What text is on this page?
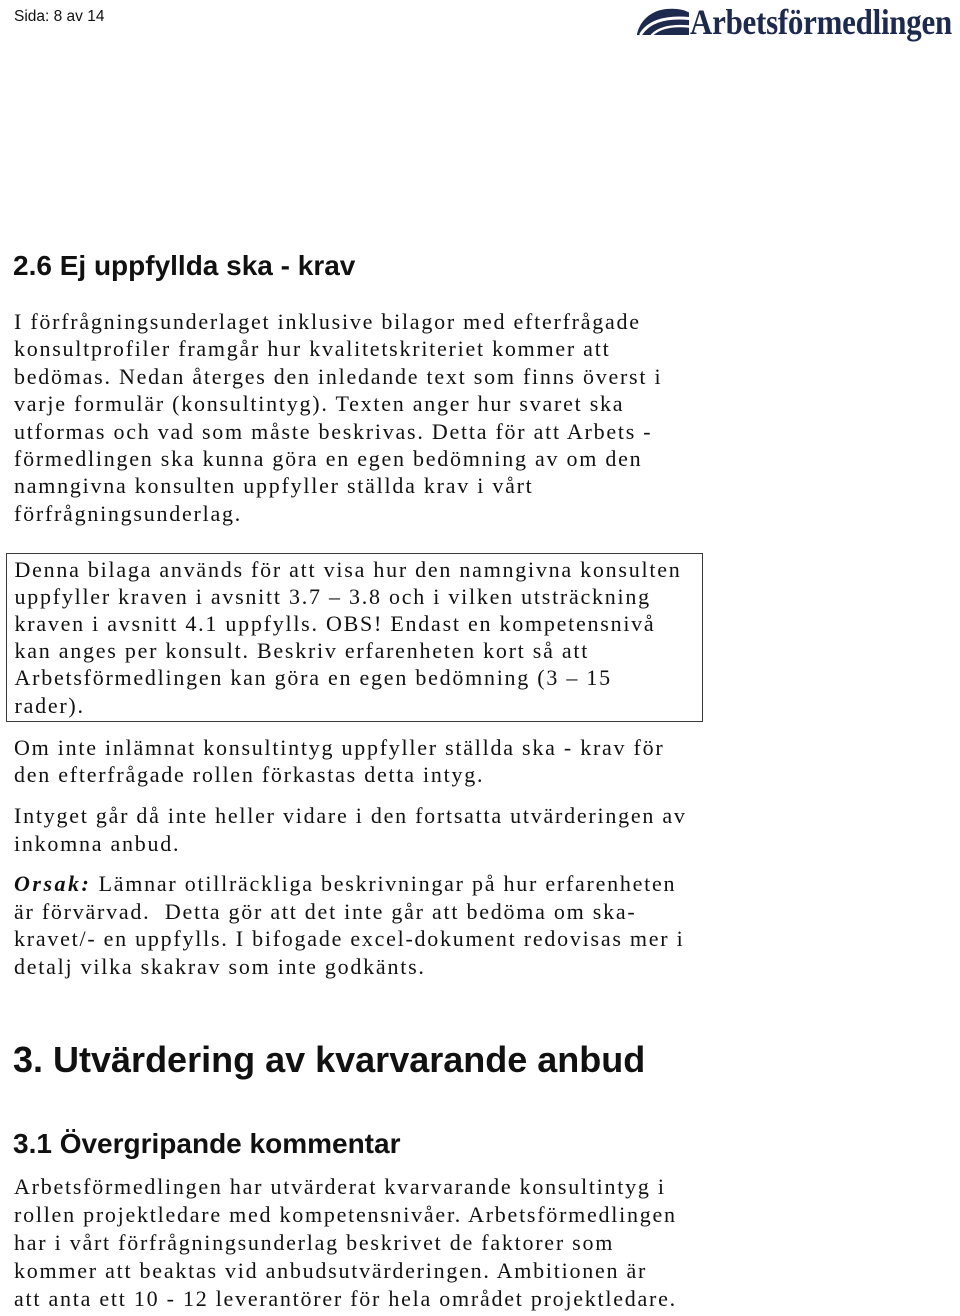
Sida: 8 av 14	Arbetsförmedlingen
2.6 Ej uppfyllda ska - krav
I förfrågningsunderlaget inklusive bilagor med efterfrågade
konsultprofiler framgår hur kvalitetskriteriet kommer att
bedömas. Nedan återges den inledande text som finns överst i
varje formulär (konsultintyg). Texten anger hur svaret ska
utformas och vad som måste beskrivas. Detta för att Arbets -
förmedlingen ska kunna göra en egen bedömning av om den
namngivna konsulten uppfyller ställda krav i vårt
förfrågningsunderlag.
Denna bilaga används för att visa hur den namngivna konsulten
uppfyller kraven i avsnitt 3.7 – 3.8 och i vilken utsträckning
kraven i avsnitt 4.1 uppfylls. OBS! Endast en kompetensnivå
kan anges per konsult. Beskriv erfarenheten kort så att
Arbetsförmedlingen kan göra en egen bedömning (3 – 15
rader).
Om inte inlämnat konsultintyg uppfyller ställda ska - krav för
den efterfrågade rollen förkastas detta intyg.
Intyget går då inte heller vidare i den fortsatta utvärderingen av
inkomna anbud.
Orsak: Lämnar otillräckliga beskrivningar på hur erfarenheten
är förvärvad.  Detta gör att det inte går att bedöma om ska-
kravet/- en uppfylls. I bifogade excel-dokument redovisas mer i
detalj vilka skakrav som inte godkänts.
3. Utvärdering av kvarvarande anbud
3.1 Övergripande kommentar
Arbetsförmedlingen har utvärderat kvarvarande konsultintyg i
rollen projektledare med kompetensnivåer. Arbetsförmedlingen
har i vårt förfrågningsunderlag beskrivet de faktorer som
kommer att beaktas vid anbudsutvärderingen. Ambitionen är
att anta ett 10 - 12 leverantörer för hela området projektledare.
